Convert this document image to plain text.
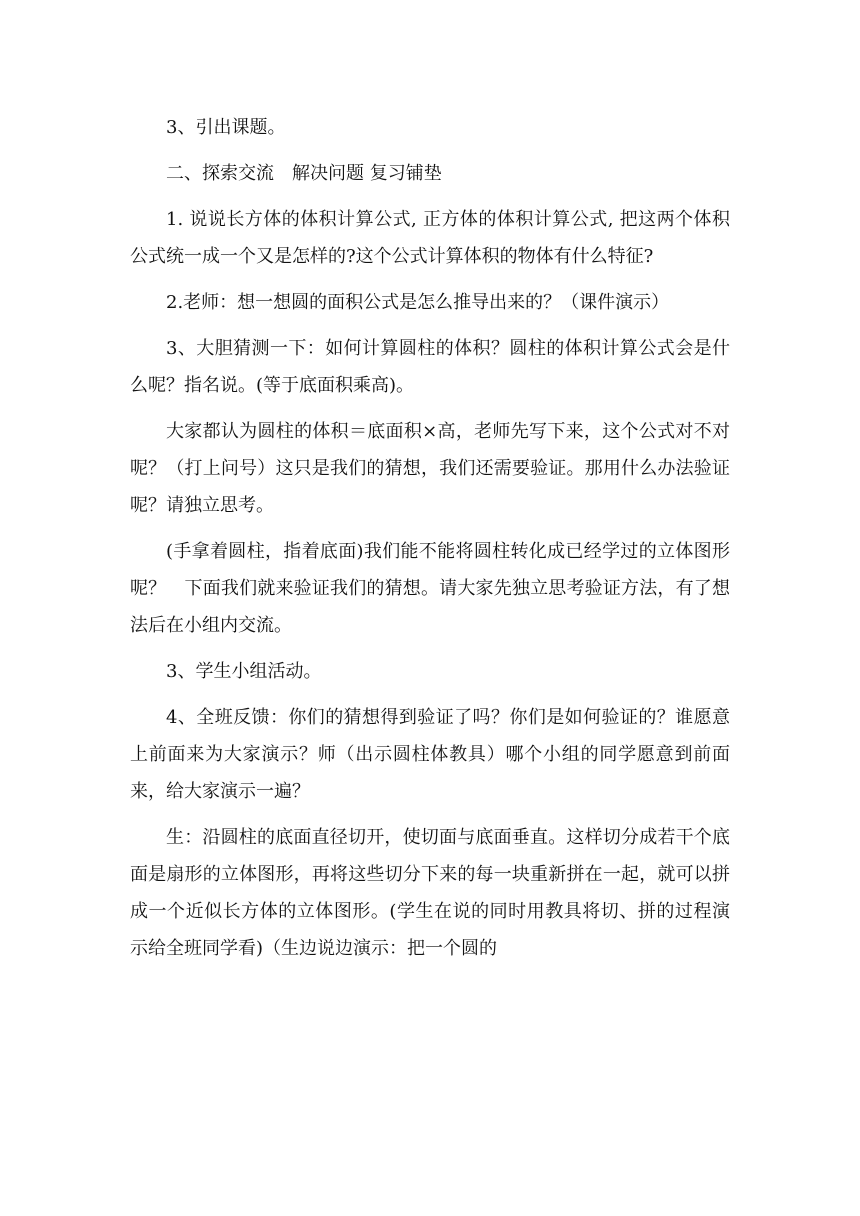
3、引出课题。

二、探索交流　解决问题 复习铺垫

1. 说说长方体的体积计算公式, 正方体的体积计算公式, 把这两个体积公式统一成一个又是怎样的?这个公式计算体积的物体有什么特征?

2.老师：想一想圆的面积公式是怎么推导出来的？（课件演示）

3、大胆猜测一下：如何计算圆柱的体积？圆柱的体积计算公式会是什么呢？指名说。(等于底面积乘高)。

大家都认为圆柱的体积＝底面积×高，老师先写下来，这个公式对不对 呢？（打上问号）这只是我们的猜想，我们还需要验证。那用什么办法验证呢？请独立思考。

(手拿着圆柱，指着底面)我们能不能将圆柱转化成已经学过的立体图形呢？　下面我们就来验证我们的猜想。请大家先独立思考验证方法，有了想法后在小组内交流。

3、学生小组活动。

4、全班反馈：你们的猜想得到验证了吗？你们是如何验证的？谁愿意上前面来为大家演示？师（出示圆柱体教具）哪个小组的同学愿意到前面来，给大家演示一遍？

生：沿圆柱的底面直径切开，使切面与底面垂直。这样切分成若干个底面是扇形的立体图形，再将这些切分下来的每一块重新拼在一起，就可以拼成一个近似长方体的立体图形。(学生在说的同时用教具将切、拼的过程演示给全班同学看)（生边说边演示：把一个圆的
